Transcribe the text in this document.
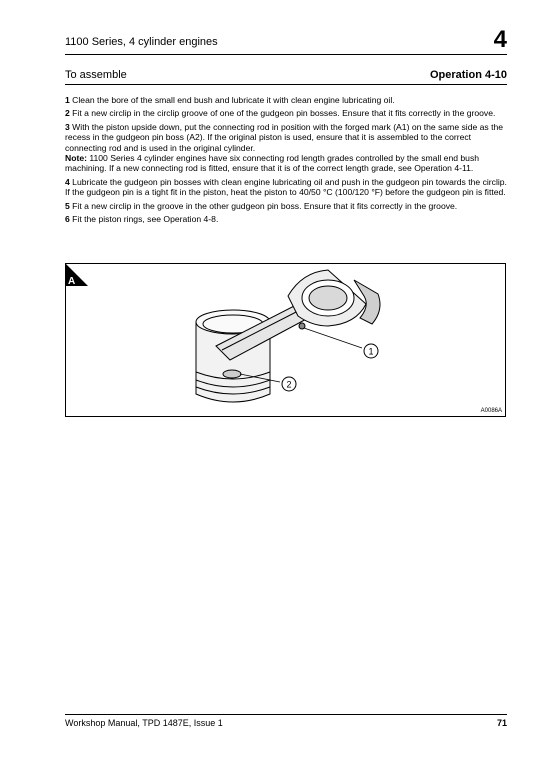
1100 Series, 4 cylinder engines	4
To assemble	Operation 4-10

1 Clean the bore of the small end bush and lubricate it with clean engine lubricating oil.

2 Fit a new circlip in the circlip groove of one of the gudgeon pin bosses. Ensure that it fits correctly in the groove.

3 With the piston upside down, put the connecting rod in position with the forged mark (A1) on the same side as the recess in the gudgeon pin boss (A2). If the original piston is used, ensure that it is assembled to the correct connecting rod and is used in the original cylinder.

Note: 1100 Series 4 cylinder engines have six connecting rod length grades controlled by the small end bush machining. If a new connecting rod is fitted, ensure that it is of the correct length grade, see Operation 4-11.

4 Lubricate the gudgeon pin bosses with clean engine lubricating oil and push in the gudgeon pin towards the circlip. If the gudgeon pin is a tight fit in the piston, heat the piston to 40/50 °C (100/120 °F) before the gudgeon pin is fitted.

5 Fit a new circlip in the groove in the other gudgeon pin boss. Ensure that it fits correctly in the groove.

6 Fit the piston rings, see Operation 4-8.

1
2
A
A0086A
Workshop Manual, TPD 1487E, Issue 1	71
